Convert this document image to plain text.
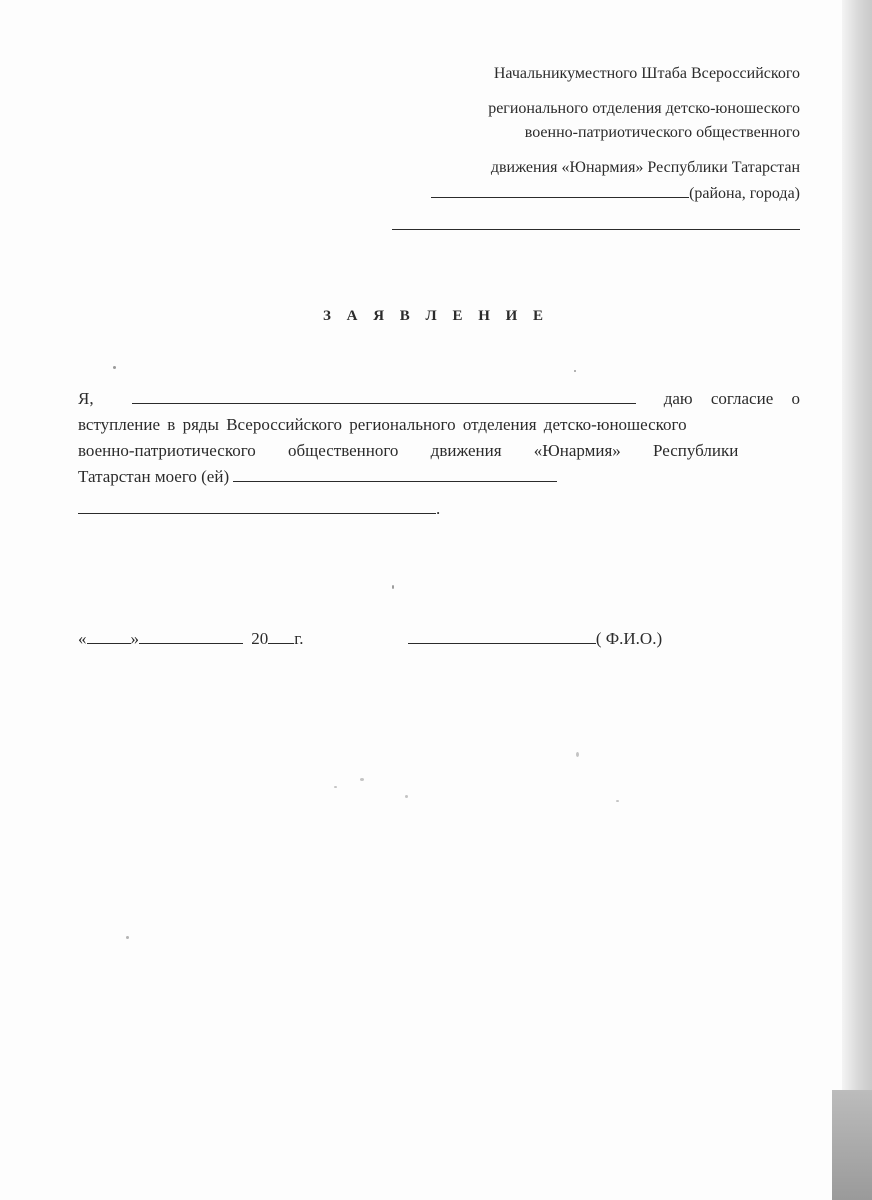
Начальникуместного Штаба Всероссийского
регионального отделения детско-юношеского
военно-патриотического общественного
движения «Юнармия» Республики Татарстан
(района, города)
З А Я В Л Е Н И Е
Я,	даю согласие о
вступление в ряды Всероссийского регионального отделения детско-юношеского
военно-патриотического общественного движения «Юнармия» Республики
Татарстан моего (ей)
.
«	»	20 г.	( Ф.И.О.)
